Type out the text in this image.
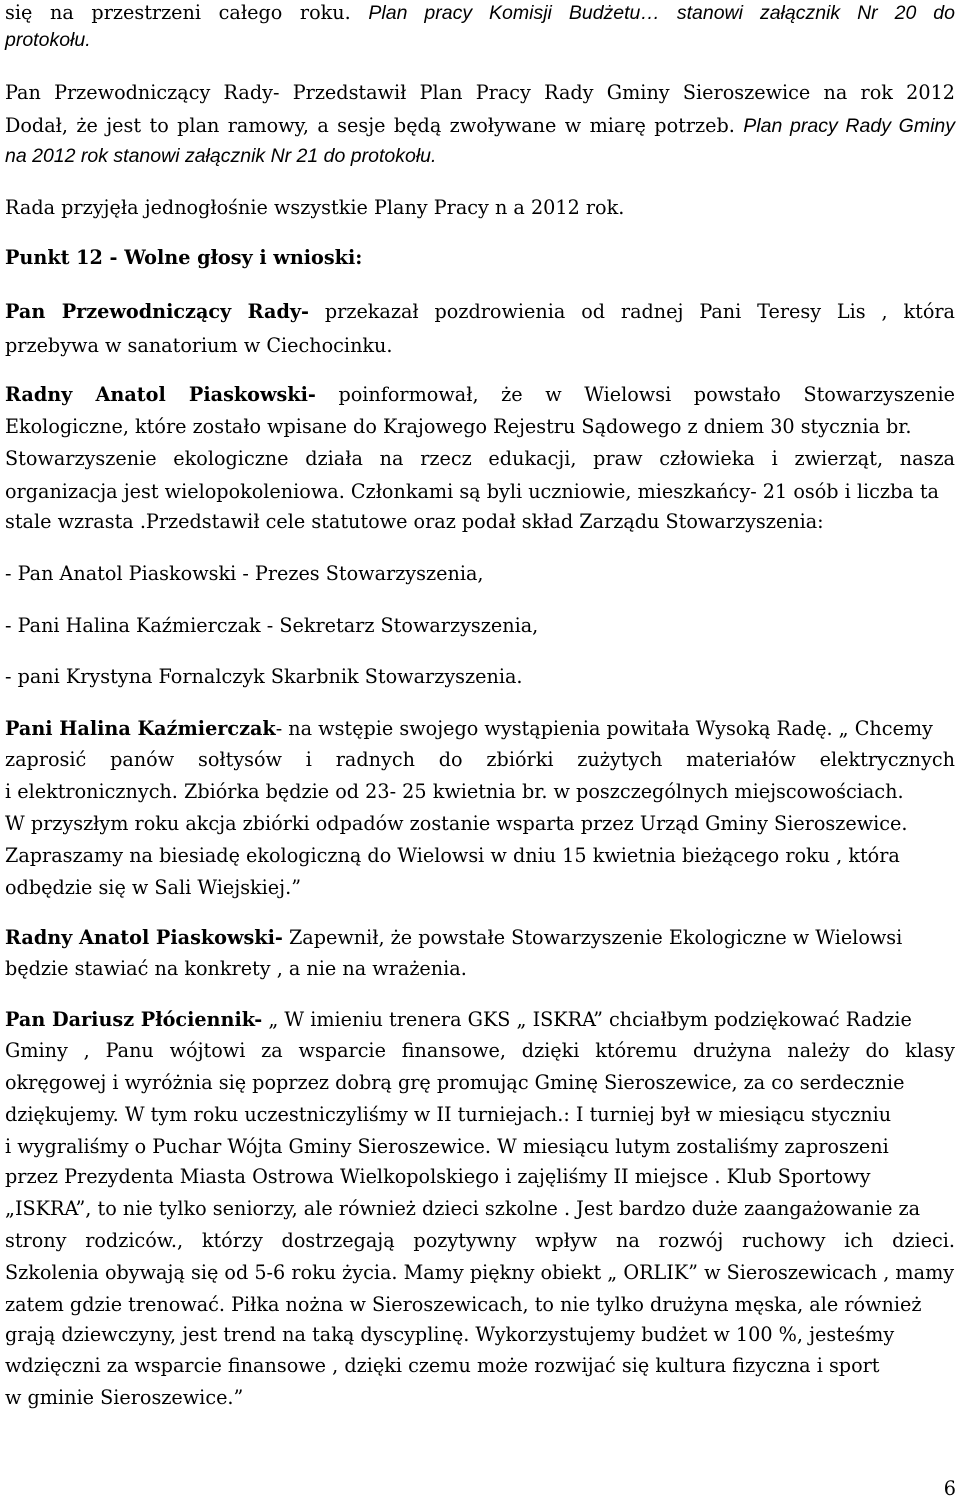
się na przestrzeni całego roku. Plan pracy Komisji Budżetu… stanowi załącznik Nr 20 do
protokołu.
Pan Przewodniczący Rady- Przedstawił Plan Pracy Rady Gminy Sieroszewice na rok 2012
Dodał, że jest to plan ramowy, a sesje będą zwoływane w miarę potrzeb. Plan pracy Rady Gminy
na 2012 rok stanowi załącznik Nr 21 do protokołu.
Rada przyjęła jednogłośnie wszystkie Plany Pracy n a 2012 rok.
Punkt 12 - Wolne głosy i wnioski:
Pan Przewodniczący Rady- przekazał pozdrowienia od radnej Pani Teresy Lis , która
przebywa w sanatorium w Ciechocinku.
Radny Anatol Piaskowski- poinformował, że w Wielowsi powstało Stowarzyszenie
Ekologiczne, które zostało wpisane do Krajowego Rejestru Sądowego z dniem 30 stycznia br.
Stowarzyszenie ekologiczne działa na rzecz edukacji, praw człowieka i zwierząt, nasza
organizacja jest wielopokoleniowa. Członkami są byli uczniowie, mieszkańcy- 21 osób i liczba ta
stale wzrasta .Przedstawił cele statutowe oraz podał skład Zarządu Stowarzyszenia:
- Pan Anatol Piaskowski - Prezes Stowarzyszenia,
- Pani Halina Kaźmierczak - Sekretarz Stowarzyszenia,
- pani Krystyna Fornalczyk Skarbnik Stowarzyszenia.
Pani Halina Kaźmierczak- na wstępie swojego wystąpienia powitała Wysoką Radę. „ Chcemy
zaprosić panów sołtysów i radnych do zbiórki zużytych materiałów elektrycznych
i elektronicznych. Zbiórka będzie od 23- 25 kwietnia br. w poszczególnych miejscowościach.
W przyszłym roku akcja zbiórki odpadów zostanie wsparta przez Urząd Gminy Sieroszewice.
Zapraszamy na biesiadę ekologiczną do Wielowsi w dniu 15 kwietnia bieżącego roku , która
odbędzie się w Sali Wiejskiej.”
Radny Anatol Piaskowski- Zapewnił, że powstałe Stowarzyszenie Ekologiczne w Wielowsi
będzie stawiać na konkrety , a nie na wrażenia.
Pan Dariusz Płóciennik- „ W imieniu trenera GKS „ ISKRA” chciałbym podziękować Radzie
Gminy , Panu wójtowi za wsparcie finansowe, dzięki któremu drużyna należy do klasy
okręgowej i wyróżnia się poprzez dobrą grę promując Gminę Sieroszewice, za co serdecznie
dziękujemy. W tym roku uczestniczyliśmy w II turniejach.: I turniej był w miesiącu styczniu
i wygraliśmy o Puchar Wójta Gminy Sieroszewice. W miesiącu lutym zostaliśmy zaproszeni
przez Prezydenta Miasta Ostrowa Wielkopolskiego i zajęliśmy II miejsce . Klub Sportowy
„ISKRA”, to nie tylko seniorzy, ale również dzieci szkolne . Jest bardzo duże zaangażowanie za
strony rodziców., którzy dostrzegają pozytywny wpływ na rozwój ruchowy ich dzieci.
Szkolenia obywają się od 5-6 roku życia. Mamy piękny obiekt „ ORLIK” w Sieroszewicach , mamy
zatem gdzie trenować. Piłka nożna w Sieroszewicach, to nie tylko drużyna męska, ale również
grają dziewczyny, jest trend na taką dyscyplinę. Wykorzystujemy budżet w 100 %, jesteśmy
wdzięczni za wsparcie finansowe , dzięki czemu może rozwijać się kultura fizyczna i sport
w gminie Sieroszewice.”
6
